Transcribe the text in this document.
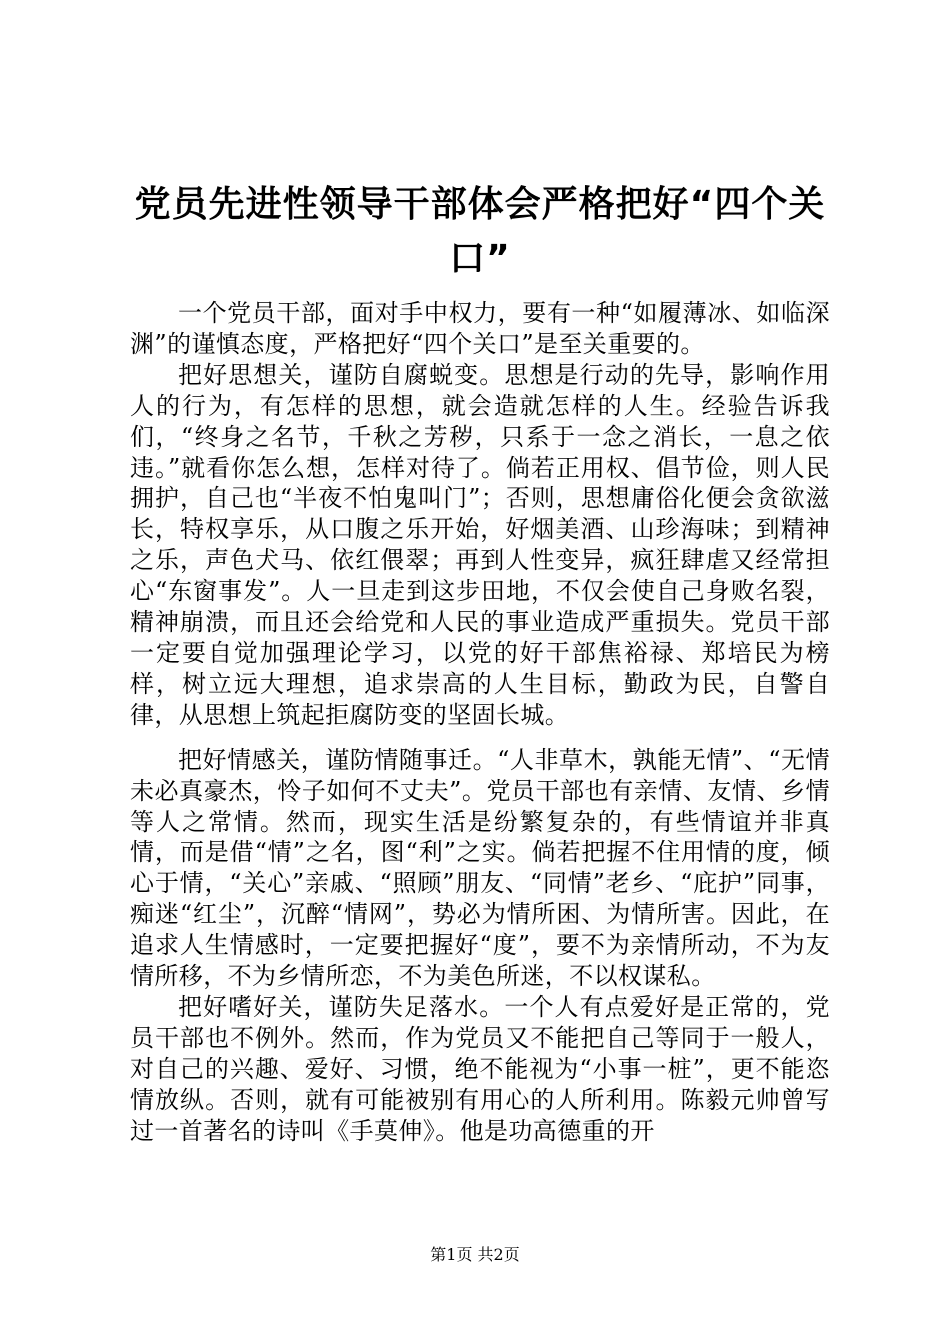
党员先进性领导干部体会严格把好“四个关口”

一个党员干部，面对手中权力，要有一种“如履薄冰、如临深渊”的谨慎态度，严格把好“四个关口”是至关重要的。

把好思想关，谨防自腐蜕变。思想是行动的先导，影响作用人的行为，有怎样的思想，就会造就怎样的人生。经验告诉我们，“终身之名节，千秋之芳秽，只系于一念之消长，一息之依违。”就看你怎么想，怎样对待了。倘若正用权、倡节俭，则人民拥护，自己也“半夜不怕鬼叫门”；否则，思想庸俗化便会贪欲滋长，特权享乐，从口腹之乐开始，好烟美酒、山珍海味；到精神之乐，声色犬马、依红偎翠；再到人性变异，疯狂肆虐又经常担心“东窗事发”。人一旦走到这步田地，不仅会使自己身败名裂，精神崩溃，而且还会给党和人民的事业造成严重损失。党员干部一定要自觉加强理论学习，以党的好干部焦裕禄、郑培民为榜样，树立远大理想，追求崇高的人生目标，勤政为民，自警自律，从思想上筑起拒腐防变的坚固长城。

把好情感关，谨防情随事迁。“人非草木，孰能无情”、“无情未必真豪杰，怜子如何不丈夫”。党员干部也有亲情、友情、乡情等人之常情。然而，现实生活是纷繁复杂的，有些情谊并非真情，而是借“情”之名，图“利”之实。倘若把握不住用情的度，倾心于情，“关心”亲戚、“照顾”朋友、“同情”老乡、“庇护”同事，痴迷“红尘”，沉醉“情网”，势必为情所困、为情所害。因此，在追求人生情感时，一定要把握好“度”，要不为亲情所动，不为友情所移，不为乡情所恋，不为美色所迷，不以权谋私。

把好嗜好关，谨防失足落水。一个人有点爱好是正常的，党员干部也不例外。然而，作为党员又不能把自己等同于一般人，对自己的兴趣、爱好、习惯，绝不能视为“小事一桩”，更不能恣情放纵。否则，就有可能被别有用心的人所利用。陈毅元帅曾写过一首著名的诗叫《手莫伸》。他是功高德重的开

第1页 共2页
